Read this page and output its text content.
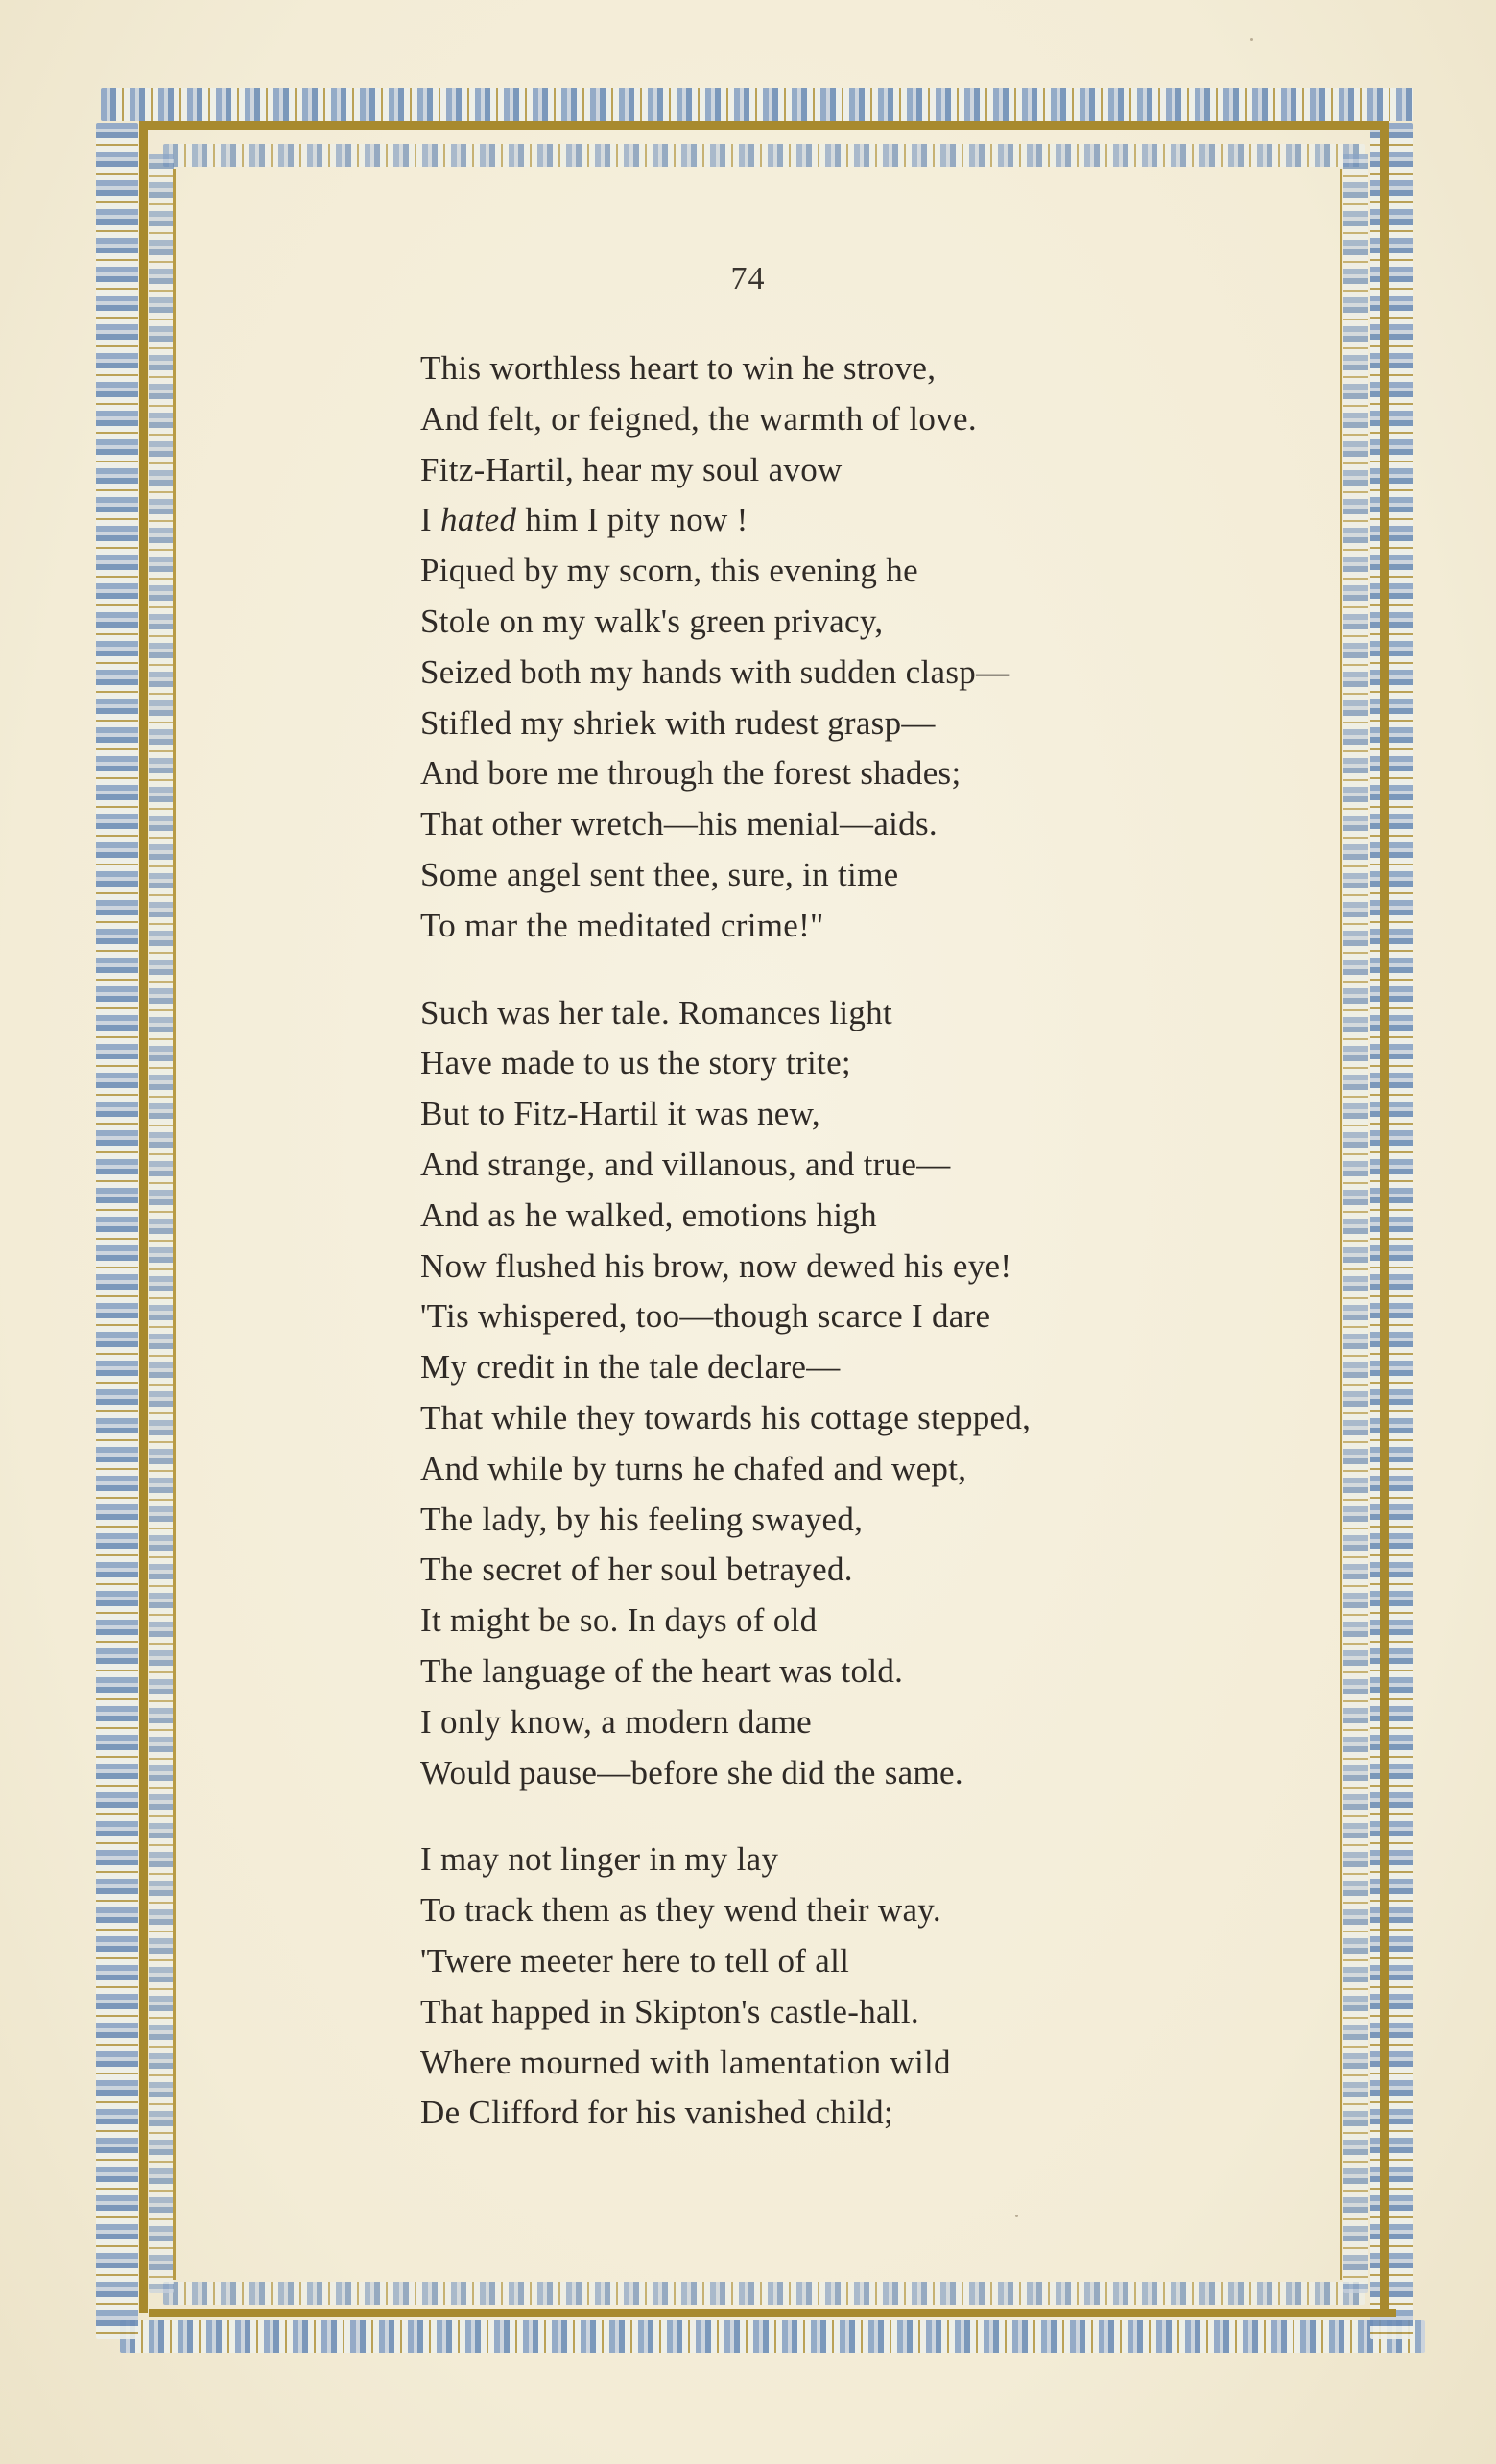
74
This worthless heart to win he strove,
And felt, or feigned, the warmth of love.
Fitz-Hartil, hear my soul avow
I hated him I pity now !
Piqued by my scorn, this evening he
Stole on my walk's green privacy,
Seized both my hands with sudden clasp—
Stifled my shriek with rudest grasp—
And bore me through the forest shades;
That other wretch—his menial—aids.
Some angel sent thee, sure, in time
To mar the meditated crime!"
Such was her tale. Romances light
Have made to us the story trite;
But to Fitz-Hartil it was new,
And strange, and villanous, and true—
And as he walked, emotions high
Now flushed his brow, now dewed his eye!
'Tis whispered, too—though scarce I dare
My credit in the tale declare—
That while they towards his cottage stepped,
And while by turns he chafed and wept,
The lady, by his feeling swayed,
The secret of her soul betrayed.
It might be so. In days of old
The language of the heart was told.
I only know, a modern dame
Would pause—before she did the same.
I may not linger in my lay
To track them as they wend their way.
'Twere meeter here to tell of all
That happed in Skipton's castle-hall.
Where mourned with lamentation wild
De Clifford for his vanished child;
